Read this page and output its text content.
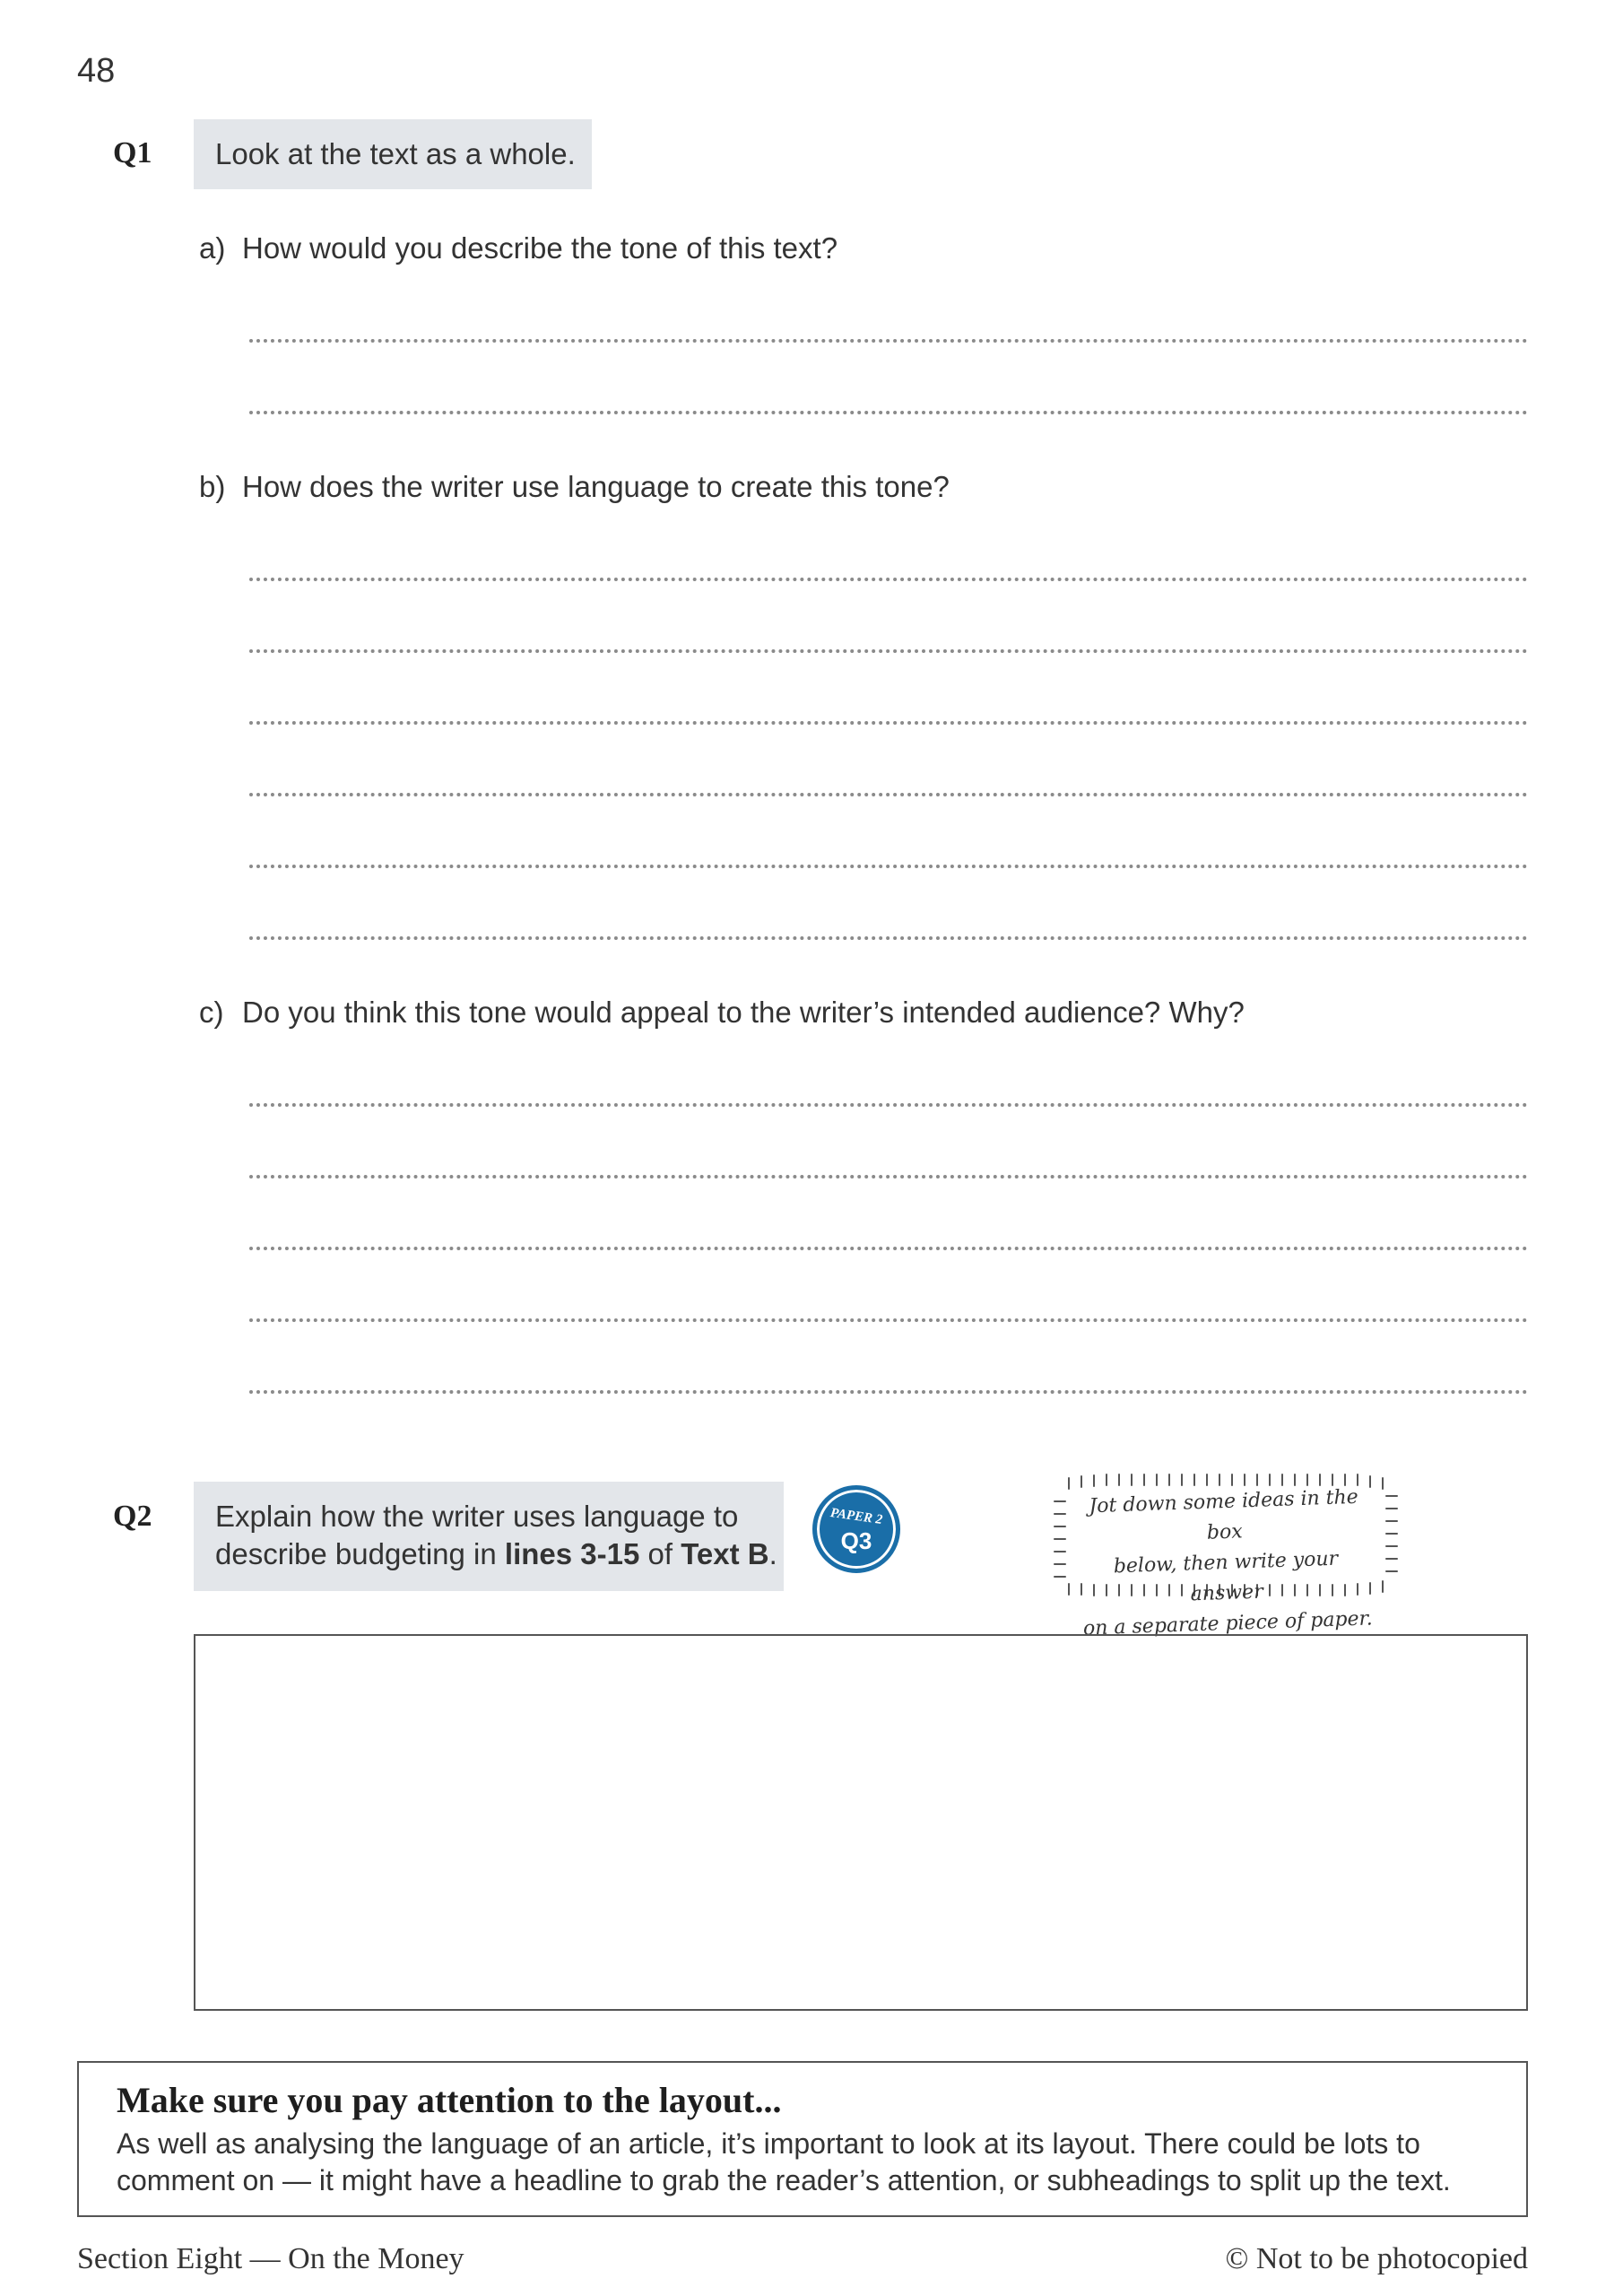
48
Q1	Look at the text as a whole.
a) How would you describe the tone of this text?
b) How does the writer use language to create this tone?
c) Do you think this tone would appeal to the writer’s intended audience? Why?
Q2 Explain how the writer uses language to
describe budgeting in lines 3-15 of Text B.
PAPER 2
Q3
Jot down some ideas in the box
below, then write your answer
on a separate piece of paper.
Make sure you pay attention to the layout...
As well as analysing the language of an article, it’s important to look at its layout. There could be lots to
comment on — it might have a headline to grab the reader’s attention, or subheadings to split up the text.
Section Eight — On the Money	© Not to be photocopied
